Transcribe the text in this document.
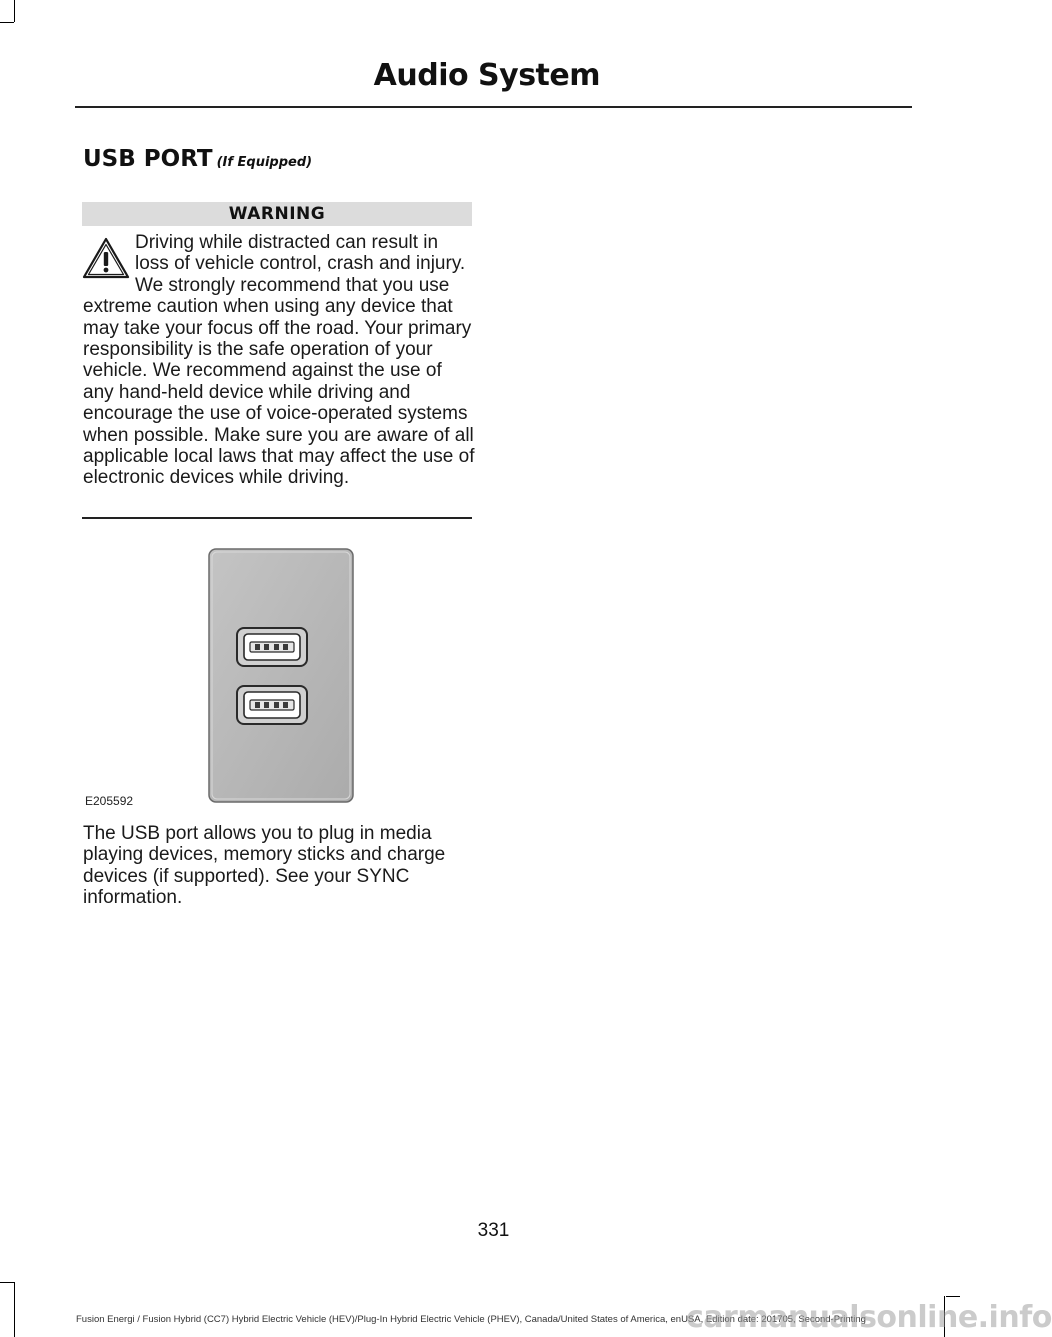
Audio System
USB PORT (If Equipped)
WARNING

Driving while distracted can result in loss of vehicle control, crash and injury. We strongly recommend that you use extreme caution when using any device that may take your focus off the road. Your primary responsibility is the safe operation of your vehicle. We recommend against the use of any hand-held device while driving and encourage the use of voice-operated systems when possible. Make sure you are aware of all applicable local laws that may affect the use of electronic devices while driving.

E205592

The USB port allows you to plug in media playing devices, memory sticks and charge devices (if supported). See your SYNC information.

331
Fusion Energi / Fusion Hybrid (CC7) Hybrid Electric Vehicle (HEV)/Plug-In Hybrid Electric Vehicle (PHEV), Canada/United States of America, enUSA, Edition date: 201705, Second-Printing
carmanualsonline.info
